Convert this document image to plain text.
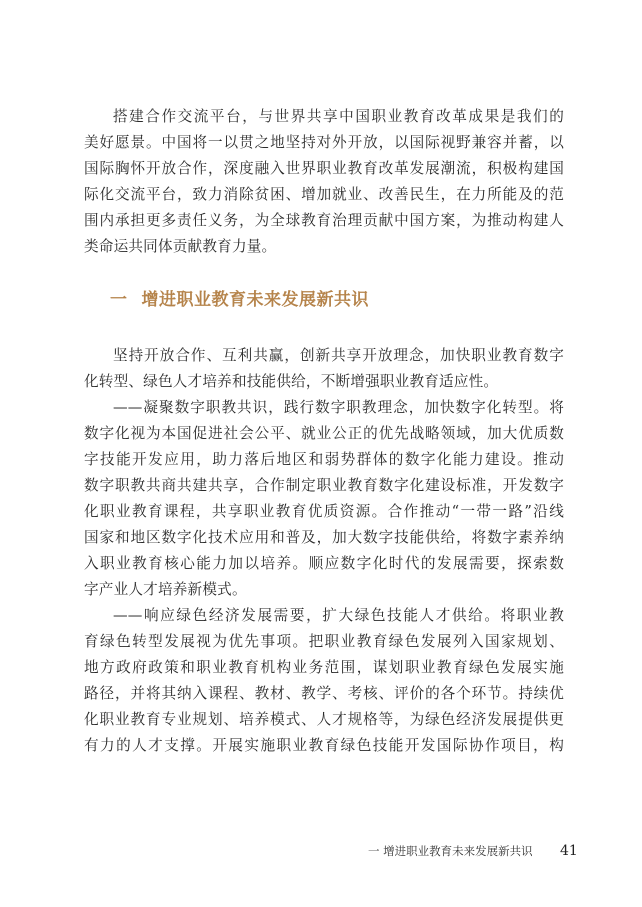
搭建合作交流平台，与世界共享中国职业教育改革成果是我们的
美好愿景。中国将一以贯之地坚持对外开放，以国际视野兼容并蓄，以
国际胸怀开放合作，深度融入世界职业教育改革发展潮流，积极构建国
际化交流平台，致力消除贫困、增加就业、改善民生，在力所能及的范
围内承担更多责任义务，为全球教育治理贡献中国方案，为推动构建人
类命运共同体贡献教育力量。
一 增进职业教育未来发展新共识
坚持开放合作、互利共赢，创新共享开放理念，加快职业教育数字
化转型、绿色人才培养和技能供给，不断增强职业教育适应性。
——凝聚数字职教共识，践行数字职教理念，加快数字化转型。将
数字化视为本国促进社会公平、就业公正的优先战略领域，加大优质数
字技能开发应用，助力落后地区和弱势群体的数字化能力建设。推动
数字职教共商共建共享，合作制定职业教育数字化建设标准，开发数字
化职业教育课程，共享职业教育优质资源。合作推动“一带一路”沿线
国家和地区数字化技术应用和普及，加大数字技能供给，将数字素养纳
入职业教育核心能力加以培养。顺应数字化时代的发展需要，探索数
字产业人才培养新模式。
——响应绿色经济发展需要，扩大绿色技能人才供给。将职业教
育绿色转型发展视为优先事项。把职业教育绿色发展列入国家规划、
地方政府政策和职业教育机构业务范围，谋划职业教育绿色发展实施
路径，并将其纳入课程、教材、教学、考核、评价的各个环节。持续优
化职业教育专业规划、培养模式、人才规格等，为绿色经济发展提供更
有力的人才支撑。开展实施职业教育绿色技能开发国际协作项目，构
一 增进职业教育未来发展新共识 41
